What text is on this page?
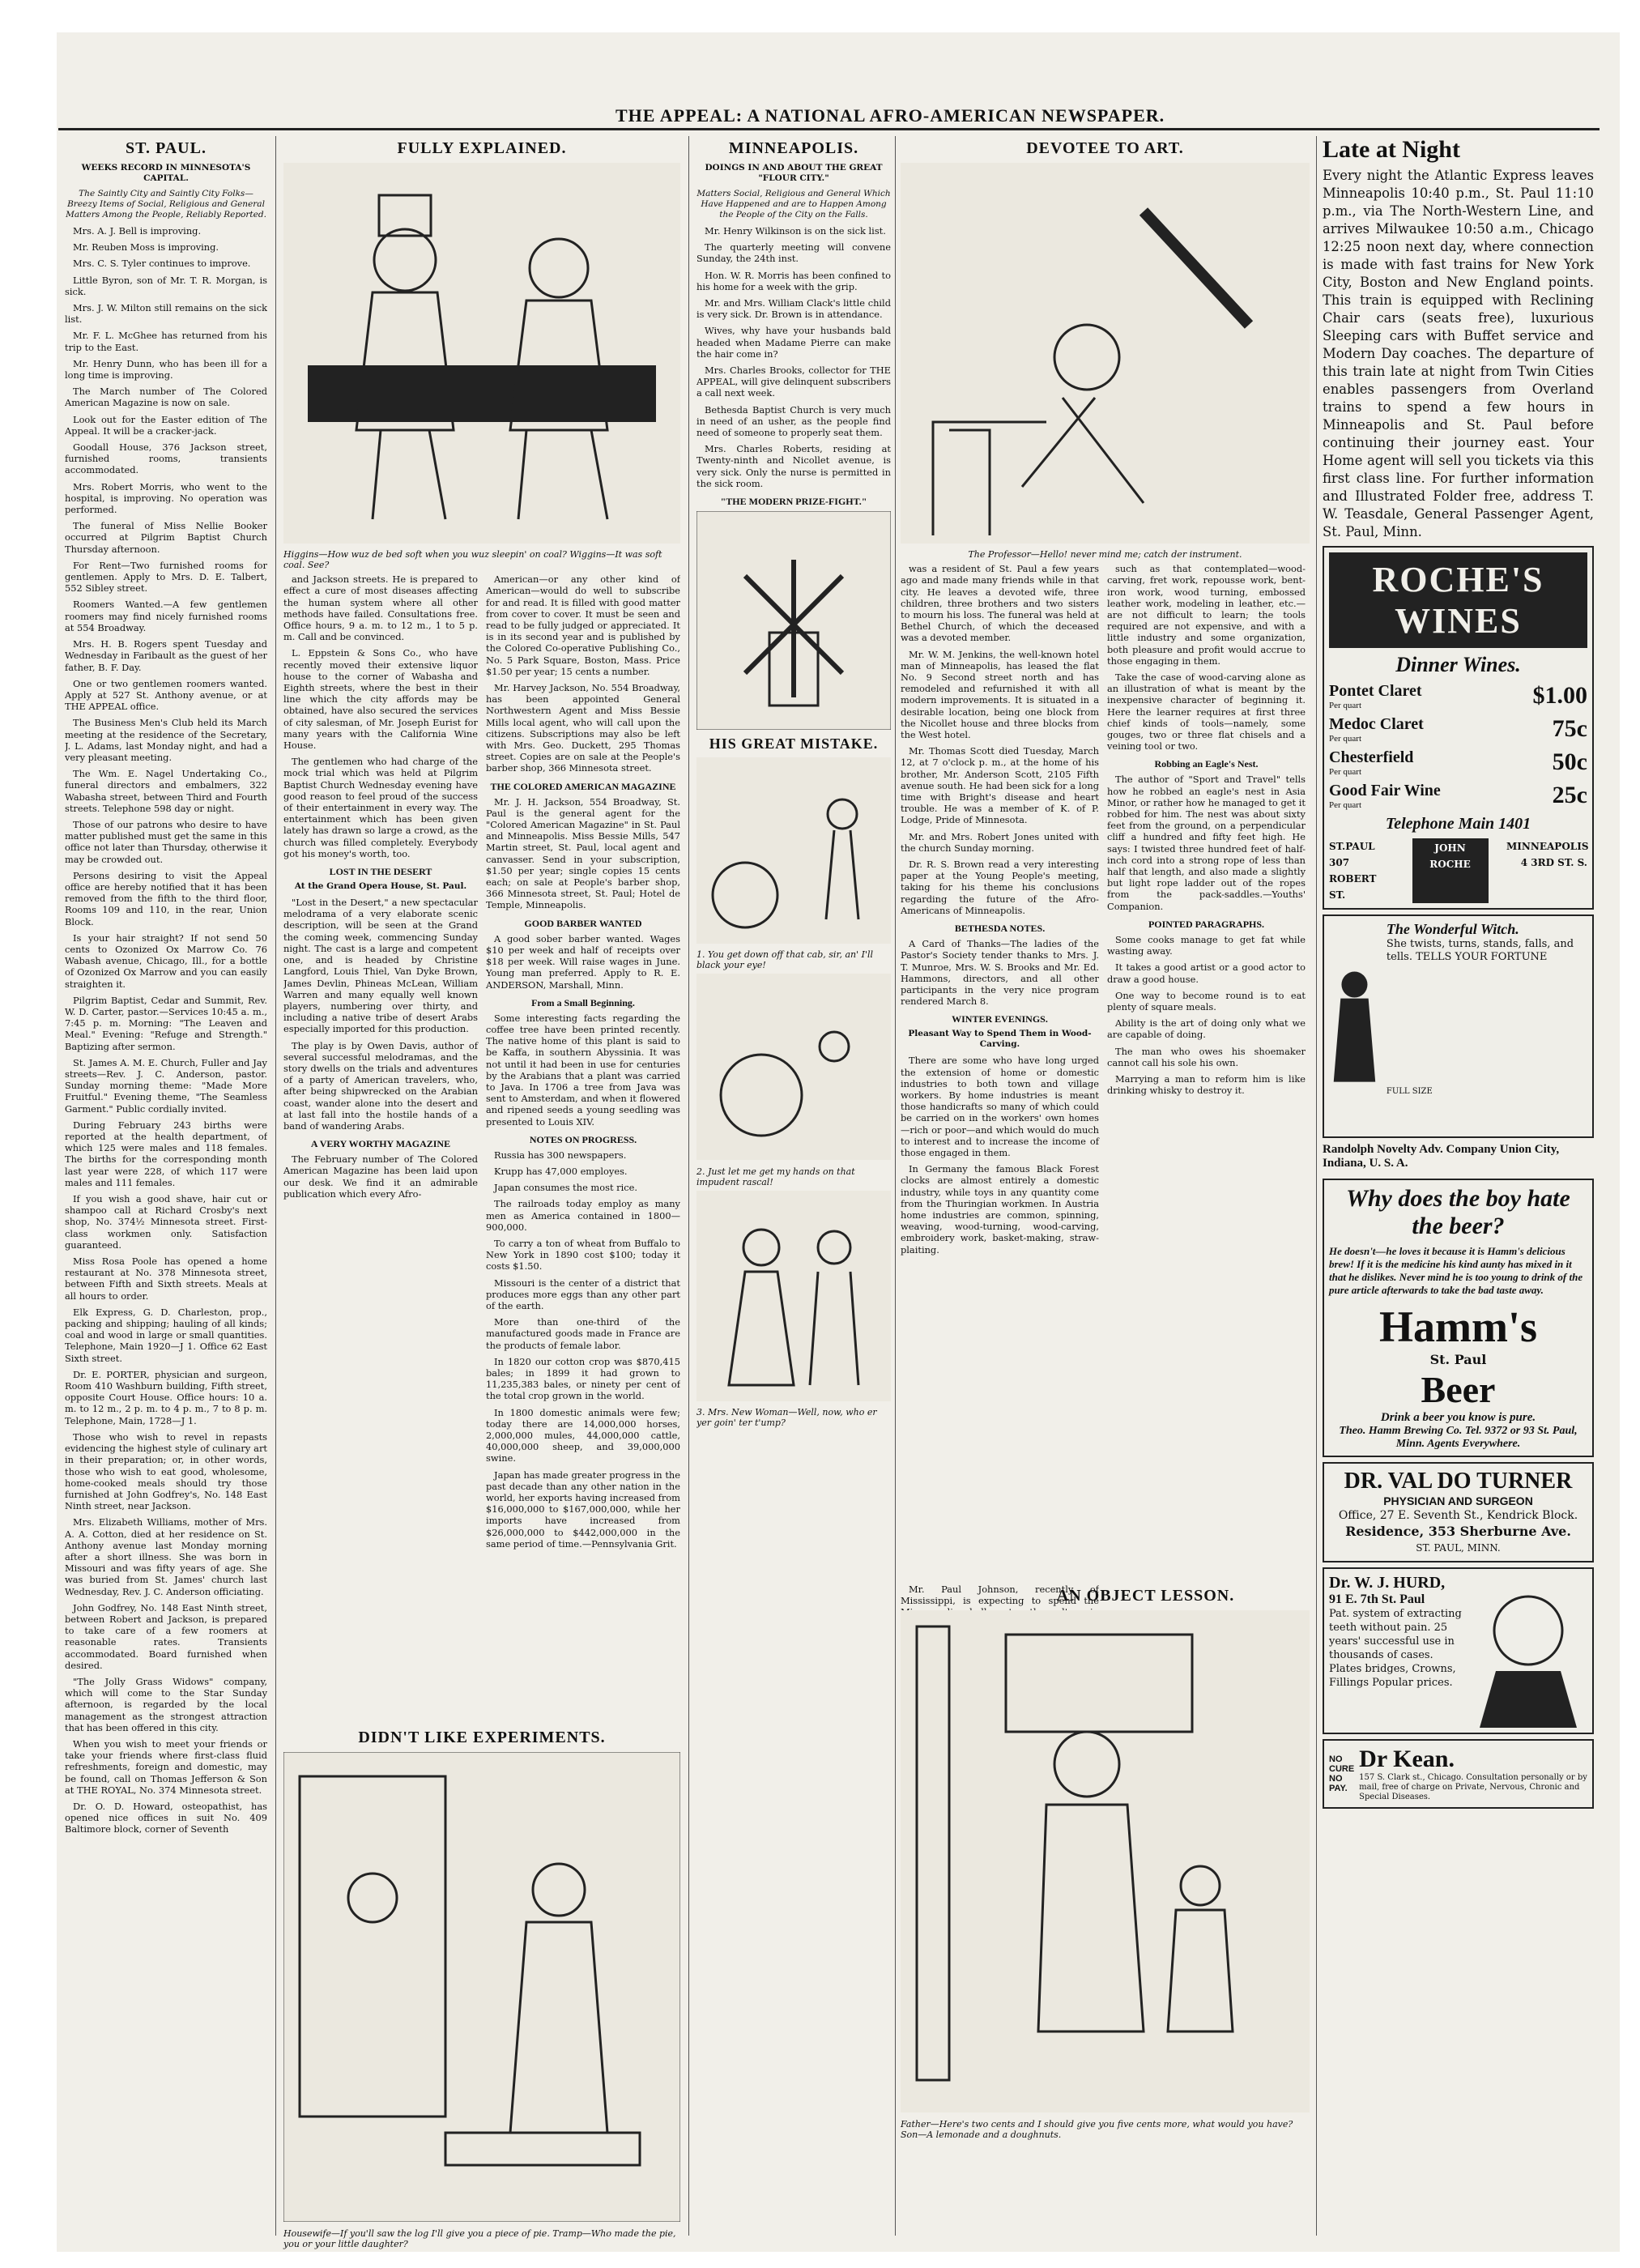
THE APPEAL: A NATIONAL AFRO-AMERICAN NEWSPAPER.
ST. PAUL.
WEEKS RECORD IN MINNESOTA'S CAPITAL.
The Saintly City and Saintly City Folks—Breezy Items of Social, Religious and General Matters Among the People, Reliably Reported.

Mrs. A. J. Bell is improving.

Mr. Reuben Moss is improving.

Mrs. C. S. Tyler continues to improve.

Little Byron, son of Mr. T. R. Morgan, is sick.

Mrs. J. W. Milton still remains on the sick list.

Mr. F. L. McGhee has returned from his trip to the East.

Mr. Henry Dunn, who has been ill for a long time is improving.

The March number of The Colored American Magazine is now on sale.

Look out for the Easter edition of The Appeal. It will be a cracker-jack.

Goodall House, 376 Jackson street, furnished rooms, transients accommodated.

Mrs. Robert Morris, who went to the hospital, is improving. No operation was performed.

The funeral of Miss Nellie Booker occurred at Pilgrim Baptist Church Thursday afternoon.

For Rent—Two furnished rooms for gentlemen. Apply to Mrs. D. E. Talbert, 552 Sibley street.

Roomers Wanted.—A few gentlemen roomers may find nicely furnished rooms at 554 Broadway.

Mrs. H. B. Rogers spent Tuesday and Wednesday in Faribault as the guest of her father, B. F. Day.

One or two gentlemen roomers wanted. Apply at 527 St. Anthony avenue, or at THE APPEAL office.

The Business Men's Club held its March meeting at the residence of the Secretary, J. L. Adams, last Monday night, and had a very pleasant meeting.

The Wm. E. Nagel Undertaking Co., funeral directors and embalmers, 322 Wabasha street, between Third and Fourth streets. Telephone 598 day or night.

Those of our patrons who desire to have matter published must get the same in this office not later than Thursday, otherwise it may be crowded out.

Persons desiring to visit the Appeal office are hereby notified that it has been removed from the fifth to the third floor, Rooms 109 and 110, in the rear, Union Block.

Is your hair straight? If not send 50 cents to Ozonized Ox Marrow Co. 76 Wabash avenue, Chicago, Ill., for a bottle of Ozonized Ox Marrow and you can easily straighten it.

Pilgrim Baptist, Cedar and Summit, Rev. W. D. Carter, pastor.—Services 10:45 a. m., 7:45 p. m. Morning: "The Leaven and Meal." Evening: "Refuge and Strength." Baptizing after sermon.

St. James A. M. E. Church, Fuller and Jay streets—Rev. J. C. Anderson, pastor. Sunday morning theme: "Made More Fruitful." Evening theme, "The Seamless Garment." Public cordially invited.

During February 243 births were reported at the health department, of which 125 were males and 118 females. The births for the corresponding month last year were 228, of which 117 were males and 111 females.

If you wish a good shave, hair cut or shampoo call at Richard Crosby's next shop, No. 374½ Minnesota street. First-class workmen only. Satisfaction guaranteed.

Miss Rosa Poole has opened a home restaurant at No. 378 Minnesota street, between Fifth and Sixth streets. Meals at all hours to order.

Elk Express, G. D. Charleston, prop., packing and shipping; hauling of all kinds; coal and wood in large or small quantities. Telephone, Main 1920—J 1. Office 62 East Sixth street.

Dr. E. PORTER, physician and surgeon, Room 410 Washburn building, Fifth street, opposite Court House. Office hours: 10 a. m. to 12 m., 2 p. m. to 4 p. m., 7 to 8 p. m. Telephone, Main, 1728—J 1.

Those who wish to revel in repasts evidencing the highest style of culinary art in their preparation; or, in other words, those who wish to eat good, wholesome, home-cooked meals should try those furnished at John Godfrey's, No. 148 East Ninth street, near Jackson.

Mrs. Elizabeth Williams, mother of Mrs. A. A. Cotton, died at her residence on St. Anthony avenue last Monday morning after a short illness. She was born in Missouri and was fifty years of age. She was buried from St. James' church last Wednesday, Rev. J. C. Anderson officiating.

John Godfrey, No. 148 East Ninth street, between Robert and Jackson, is prepared to take care of a few roomers at reasonable rates. Transients accommodated. Board furnished when desired.

"The Jolly Grass Widows" company, which will come to the Star Sunday afternoon, is regarded by the local management as the strongest attraction that has been offered in this city.

When you wish to meet your friends or take your friends where first-class fluid refreshments, foreign and domestic, may be found, call on Thomas Jefferson & Son at THE ROYAL, No. 374 Minnesota street.

Dr. O. D. Howard, osteopathist, has opened nice offices in suit No. 409 Baltimore block, corner of Seventh

FULLY EXPLAINED.
Higgins—How wuz de bed soft when you wuz sleepin' on coal? Wiggins—It was soft coal. See?

and Jackson streets. He is prepared to effect a cure of most diseases affecting the human system where all other methods have failed. Consultations free. Office hours, 9 a. m. to 12 m., 1 to 5 p. m. Call and be convinced.

L. Eppstein & Sons Co., who have recently moved their extensive liquor house to the corner of Wabasha and Eighth streets, where the best in their line which the city affords may be obtained, have also secured the services of city salesman, of Mr. Joseph Eurist for many years with the California Wine House.

The gentlemen who had charge of the mock trial which was held at Pilgrim Baptist Church Wednesday evening have good reason to feel proud of the success of their entertainment in every way. The entertainment which has been given lately has drawn so large a crowd, as the church was filled completely. Everybody got his money's worth, too.

LOST IN THE DESERT
At the Grand Opera House, St. Paul.

"Lost in the Desert," a new spectacular melodrama of a very elaborate scenic description, will be seen at the Grand the coming week, commencing Sunday night. The cast is a large and competent one, and is headed by Christine Langford, Louis Thiel, Van Dyke Brown, James Devlin, Phineas McLean, William Warren and many equally well known players, numbering over thirty, and including a native tribe of desert Arabs especially imported for this production.

The play is by Owen Davis, author of several successful melodramas, and the story dwells on the trials and adventures of a party of American travelers, who, after being shipwrecked on the Arabian coast, wander alone into the desert and at last fall into the hostile hands of a band of wandering Arabs.

A VERY WORTHY MAGAZINE

The February number of The Colored American Magazine has been laid upon our desk. We find it an admirable publication which every Afro-

American—or any other kind of American—would do well to subscribe for and read. It is filled with good matter from cover to cover. It must be seen and read to be fully judged or appreciated. It is in its second year and is published by the Colored Co-operative Publishing Co., No. 5 Park Square, Boston, Mass. Price $1.50 per year; 15 cents a number.

Mr. Harvey Jackson, No. 554 Broadway, has been appointed General Northwestern Agent and Miss Bessie Mills local agent, who will call upon the citizens. Subscriptions may also be left with Mrs. Geo. Duckett, 295 Thomas street. Copies are on sale at the People's barber shop, 366 Minnesota street.

THE COLORED AMERICAN MAGAZINE

Mr. J. H. Jackson, 554 Broadway, St. Paul is the general agent for the "Colored American Magazine" in St. Paul and Minneapolis. Miss Bessie Mills, 547 Martin street, St. Paul, local agent and canvasser. Send in your subscription, $1.50 per year; single copies 15 cents each; on sale at People's barber shop, 366 Minnesota street, St. Paul; Hotel de Temple, Minneapolis.

GOOD BARBER WANTED

A good sober barber wanted. Wages $10 per week and half of receipts over $18 per week. Will raise wages in June. Young man preferred. Apply to R. E. ANDERSON, Marshall, Minn.

From a Small Beginning.

Some interesting facts regarding the coffee tree have been printed recently. The native home of this plant is said to be Kaffa, in southern Abyssinia. It was not until it had been in use for centuries by the Arabians that a plant was carried to Java. In 1706 a tree from Java was sent to Amsterdam, and when it flowered and ripened seeds a young seedling was presented to Louis XIV.

NOTES ON PROGRESS.

Russia has 300 newspapers.

Krupp has 47,000 employes.

Japan consumes the most rice.

The railroads today employ as many men as America contained in 1800—900,000.

To carry a ton of wheat from Buffalo to New York in 1890 cost $100; today it costs $1.50.

Missouri is the center of a district that produces more eggs than any other part of the earth.

More than one-third of the manufactured goods made in France are the products of female labor.

In 1820 our cotton crop was $870,415 bales; in 1899 it had grown to 11,235,383 bales, or ninety per cent of the total crop grown in the world.

In 1800 domestic animals were few; today there are 14,000,000 horses, 2,000,000 mules, 44,000,000 cattle, 40,000,000 sheep, and 39,000,000 swine.

Japan has made greater progress in the past decade than any other nation in the world, her exports having increased from $16,000,000 to $167,000,000, while her imports have increased from $26,000,000 to $442,000,000 in the same period of time.—Pennsylvania Grit.

DIDN'T LIKE EXPERIMENTS.
Housewife—If you'll saw the log I'll give you a piece of pie. Tramp—Who made the pie, you or your little daughter?
MINNEAPOLIS.
DOINGS IN AND ABOUT THE GREAT "FLOUR CITY."
Matters Social, Religious and General Which Have Happened and are to Happen Among the People of the City on the Falls.

Mr. Henry Wilkinson is on the sick list.

The quarterly meeting will convene Sunday, the 24th inst.

Hon. W. R. Morris has been confined to his home for a week with the grip.

Mr. and Mrs. William Clack's little child is very sick. Dr. Brown is in attendance.

Wives, why have your husbands bald headed when Madame Pierre can make the hair come in?

Mrs. Charles Brooks, collector for THE APPEAL, will give delinquent subscribers a call next week.

Bethesda Baptist Church is very much in need of an usher, as the people find need of someone to properly seat them.

Mrs. Charles Roberts, residing at Twenty-ninth and Nicollet avenue, is very sick. Only the nurse is permitted in the sick room.

"THE MODERN PRIZE-FIGHT."
HIS GREAT MISTAKE.
1. You get down off that cab, sir, an' I'll black your eye!
2. Just let me get my hands on that impudent rascal!
3. Mrs. New Woman—Well, now, who er yer goin' ter t'ump?
DEVOTEE TO ART.
The Professor—Hello! never mind me; catch der instrument.

was a resident of St. Paul a few years ago and made many friends while in that city. He leaves a devoted wife, three children, three brothers and two sisters to mourn his loss. The funeral was held at Bethel Church, of which the deceased was a devoted member.

Mr. W. M. Jenkins, the well-known hotel man of Minneapolis, has leased the flat No. 9 Second street north and has remodeled and refurnished it with all modern improvements. It is situated in a desirable location, being one block from the Nicollet house and three blocks from the West hotel.

Mr. Thomas Scott died Tuesday, March 12, at 7 o'clock p. m., at the home of his brother, Mr. Anderson Scott, 2105 Fifth avenue south. He had been sick for a long time with Bright's disease and heart trouble. He was a member of K. of P. Lodge, Pride of Minnesota.

Mr. and Mrs. Robert Jones united with the church Sunday morning.

Dr. R. S. Brown read a very interesting paper at the Young People's meeting, taking for his theme his conclusions regarding the future of the Afro-Americans of Minneapolis.

BETHESDA NOTES.

A Card of Thanks—The ladies of the Pastor's Society tender thanks to Mrs. J. T. Munroe, Mrs. W. S. Brooks and Mr. Ed. Hammons, directors, and all other participants in the very nice program rendered March 8.

WINTER EVENINGS.
Pleasant Way to Spend Them in Wood-Carving.

There are some who have long urged the extension of home or domestic industries to both town and village workers. By home industries is meant those handicrafts so many of which could be carried on in the workers' own homes—rich or poor—and which would do much to interest and to increase the income of those engaged in them.

In Germany the famous Black Forest clocks are almost entirely a domestic industry, while toys in any quantity come from the Thuringian workmen. In Austria home industries are common, spinning, weaving, wood-turning, wood-carving, embroidery work, basket-making, straw-plaiting.

such as that contemplated—wood-carving, fret work, repousse work, bent-iron work, wood turning, embossed leather work, modeling in leather, etc.—are not difficult to learn; the tools required are not expensive, and with a little industry and some organization, both pleasure and profit would accrue to those engaging in them.

Take the case of wood-carving alone as an illustration of what is meant by the inexpensive character of beginning it. Here the learner requires at first three chief kinds of tools—namely, some gouges, two or three flat chisels and a veining tool or two.

Robbing an Eagle's Nest.

The author of "Sport and Travel" tells how he robbed an eagle's nest in Asia Minor, or rather how he managed to get it robbed for him. The nest was about sixty feet from the ground, on a perpendicular cliff a hundred and fifty feet high. He says: I twisted three hundred feet of half-inch cord into a strong rope of less than half that length, and also made a slightly but light rope ladder out of the ropes from the pack-saddles.—Youths' Companion.

POINTED PARAGRAPHS.

Some cooks manage to get fat while wasting away.

It takes a good artist or a good actor to draw a good house.

One way to become round is to eat plenty of square meals.

Ability is the art of doing only what we are capable of doing.

The man who owes his shoemaker cannot call his sole his own.

Marrying a man to reform him is like drinking whisky to destroy it.

Mr. Paul Johnson, recently of Mississippi, is expecting to spend the

AN OBJECT LESSON.
Father—Here's two cents and I should give you five cents more, what would you have? Son—A lemonade and a doughnuts.
Late at Night

Every night the Atlantic Express leaves Minneapolis 10:40 p.m., St. Paul 11:10 p.m., via The North-Western Line, and arrives Milwaukee 10:50 a.m., Chicago 12:25 noon next day, where connection is made with fast trains for New York City, Boston and New England points. This train is equipped with Reclining Chair cars (seats free), luxurious Sleeping cars with Buffet service and Modern Day coaches. The departure of this train late at night from Twin Cities enables passengers from Overland trains to spend a few hours in Minneapolis and St. Paul before continuing their journey east. Your Home agent will sell you tickets via this first class line. For further information and Illustrated Folder free, address T. W. Teasdale, General Passenger Agent, St. Paul, Minn.

ROCHE'S WINES
Dinner Wines.
Pontet Claret
Per quart	$1.00
Medoc Claret
Per quart	75c
Chesterfield
Per quart	50c
Good Fair Wine
Per quart	25c
Telephone Main 1401
ST.PAUL 307 ROBERT ST.
JOHN ROCHE
MINNEAPOLIS 4 3RD ST. S.
The Wonderful Witch.
She twists, turns, stands, falls, and tells. TELLS YOUR FORTUNE
FULL SIZE
Randolph Novelty Adv. Company Union City, Indiana, U. S. A.
Why does the boy hate the beer?
He doesn't—he loves it because it is Hamm's delicious brew! If it is the medicine his kind aunty has mixed in it that he dislikes. Never mind he is too young to drink of the pure article afterwards to take the bad taste away.
Hamm's
St. Paul
Beer
Drink a beer you know is pure.
Theo. Hamm Brewing Co. Tel. 9372 or 93 St. Paul, Minn. Agents Everywhere.
DR. VAL DO TURNER
PHYSICIAN AND SURGEON
Office, 27 E. Seventh St., Kendrick Block.
Residence, 353 Sherburne Ave.
ST. PAUL, MINN.
Dr. W. J. HURD,
91 E. 7th St. Paul
Pat. system of extracting teeth without pain. 25 years' successful use in thousands of cases. Plates bridges, Crowns, Fillings Popular prices.
NO CURE NO PAY.
Dr Kean.
157 S. Clark st., Chicago. Consultation personally or by mail, free of charge on Private, Nervous, Chronic and Special Diseases.
